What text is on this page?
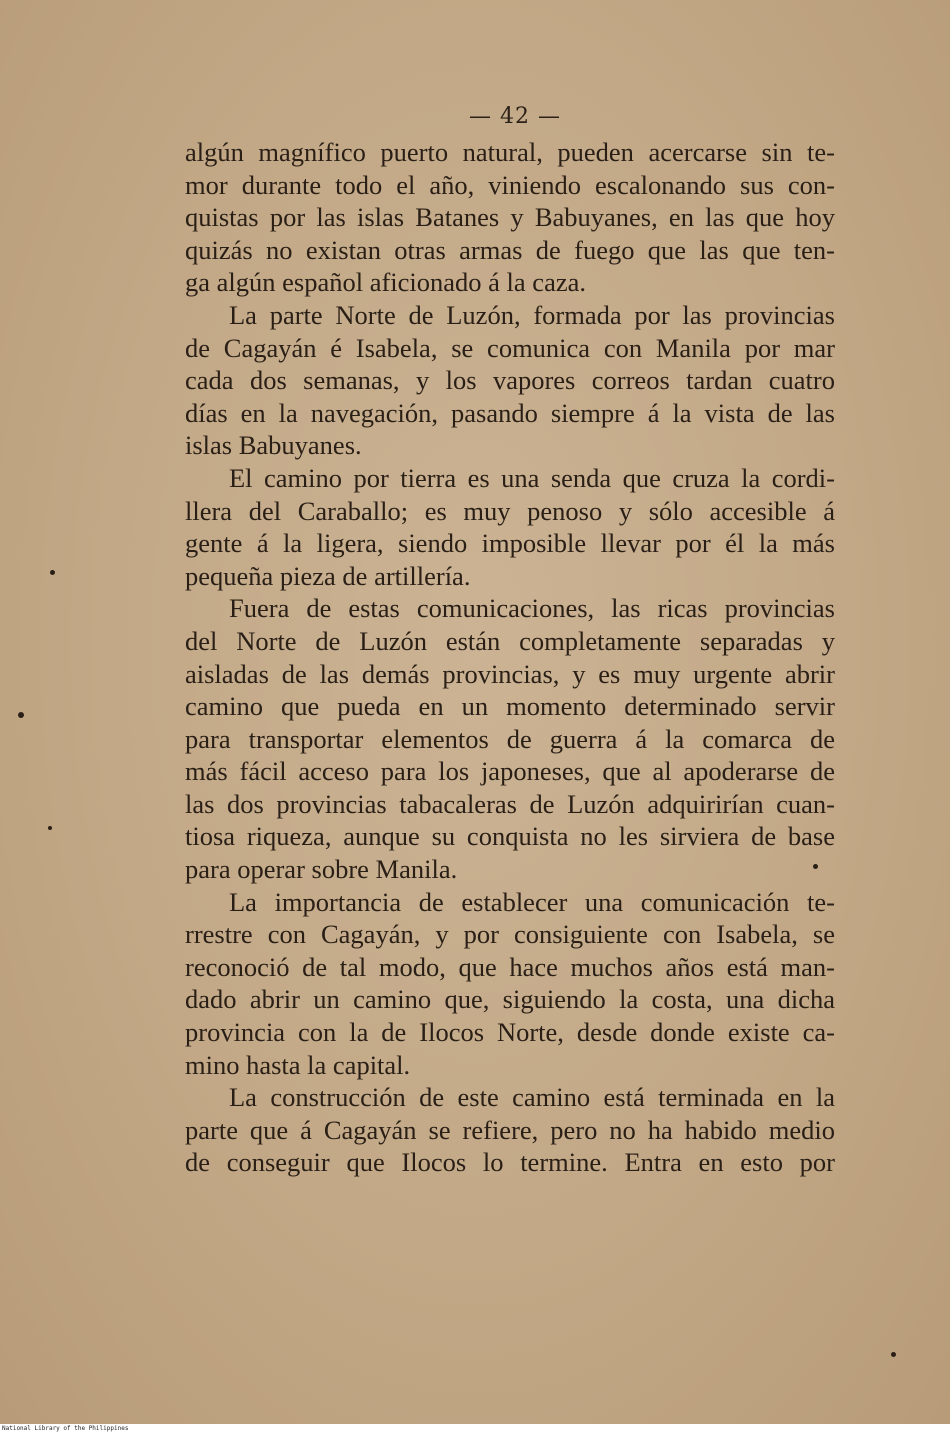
— 42 —
algún magnífico puerto natural, pueden acercarse sin te-
mor durante todo el año, viniendo escalonando sus con-
quistas por las islas Batanes y Babuyanes, en las que hoy
quizás no existan otras armas de fuego que las que ten-
ga algún español aficionado á la caza.
La parte Norte de Luzón, formada por las provincias
de Cagayán é Isabela, se comunica con Manila por mar
cada dos semanas, y los vapores correos tardan cuatro
días en la navegación, pasando siempre á la vista de las
islas Babuyanes.
El camino por tierra es una senda que cruza la cordi-
llera del Caraballo; es muy penoso y sólo accesible á
gente á la ligera, siendo imposible llevar por él la más
pequeña pieza de artillería.
Fuera de estas comunicaciones, las ricas provincias
del Norte de Luzón están completamente separadas y
aisladas de las demás provincias, y es muy urgente abrir
camino que pueda en un momento determinado servir
para transportar elementos de guerra á la comarca de
más fácil acceso para los japoneses, que al apoderarse de
las dos provincias tabacaleras de Luzón adquirirían cuan-
tiosa riqueza, aunque su conquista no les sirviera de base
para operar sobre Manila.
La importancia de establecer una comunicación te-
rrestre con Cagayán, y por consiguiente con Isabela, se
reconoció de tal modo, que hace muchos años está man-
dado abrir un camino que, siguiendo la costa, una dicha
provincia con la de Ilocos Norte, desde donde existe ca-
mino hasta la capital.
La construcción de este camino está terminada en la
parte que á Cagayán se refiere, pero no ha habido medio
de conseguir que Ilocos lo termine. Entra en esto por
National Library of the Philippines
